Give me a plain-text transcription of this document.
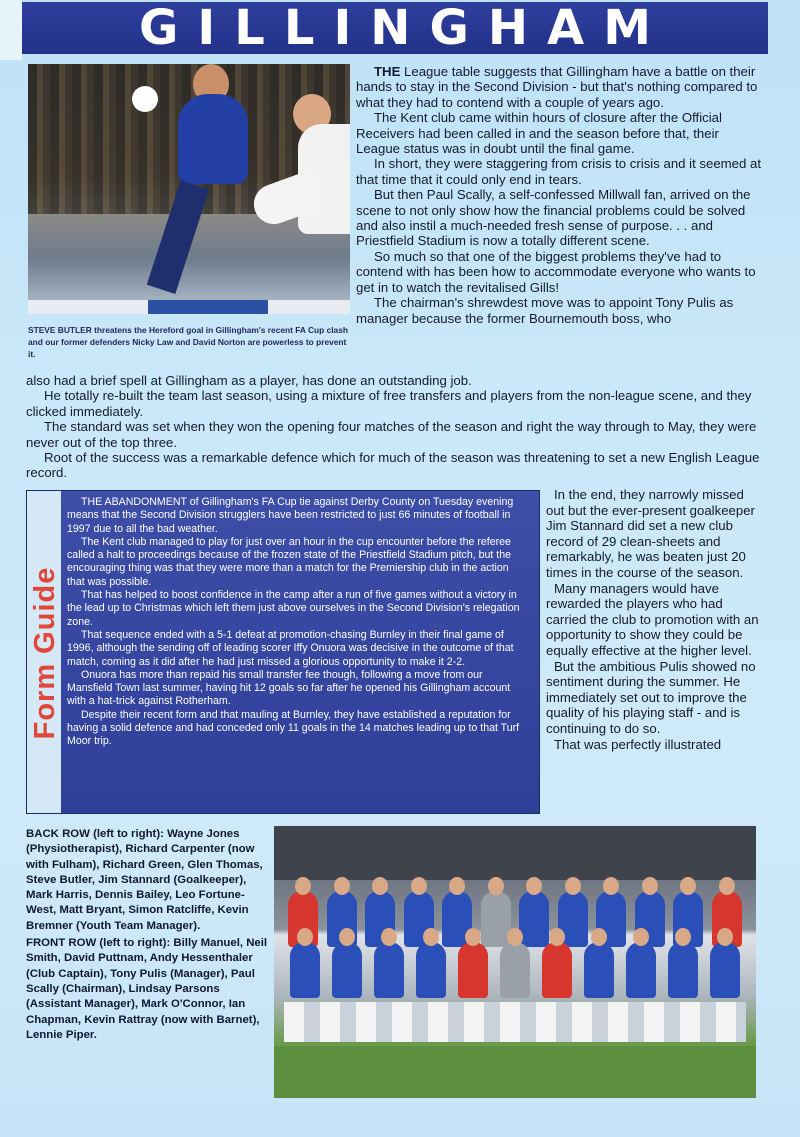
GILLINGHAM
STEVE BUTLER threatens the Hereford goal in Gillingham's recent FA Cup clash and our former defenders Nicky Law and David Norton are powerless to prevent it.

THE League table suggests that Gillingham have a battle on their hands to stay in the Second Division - but that's nothing compared to what they had to contend with a couple of years ago.

The Kent club came within hours of closure after the Official Receivers had been called in and the season before that, their League status was in doubt until the final game.

In short, they were staggering from crisis to crisis and it seemed at that time that it could only end in tears.

But then Paul Scally, a self-confessed Millwall fan, arrived on the scene to not only show how the financial problems could be solved and also instil a much-needed fresh sense of purpose. . . and Priestfield Stadium is now a totally different scene.

So much so that one of the biggest problems they've had to contend with has been how to accommodate everyone who wants to get in to watch the revitalised Gills!

The chairman's shrewdest move was to appoint Tony Pulis as manager because the former Bournemouth boss, who

also had a brief spell at Gillingham as a player, has done an outstanding job.

He totally re-built the team last season, using a mixture of free transfers and players from the non-league scene, and they clicked immediately.

The standard was set when they won the opening four matches of the season and right the way through to May, they were never out of the top three.

Root of the success was a remarkable defence which for much of the season was threatening to set a new English League record.

Form Guide

THE ABANDONMENT of Gillingham's FA Cup tie against Derby County on Tuesday evening means that the Second Division strugglers have been restricted to just 66 minutes of football in 1997 due to all the bad weather.

The Kent club managed to play for just over an hour in the cup encounter before the referee called a halt to proceedings because of the frozen state of the Priestfield Stadium pitch, but the encouraging thing was that they were more than a match for the Premiership club in the action that was possible.

That has helped to boost confidence in the camp after a run of five games without a victory in the lead up to Christmas which left them just above ourselves in the Second Division's relegation zone.

That sequence ended with a 5-1 defeat at promotion-chasing Burnley in their final game of 1996, although the sending off of leading scorer Iffy Onuora was decisive in the outcome of that match, coming as it did after he had just missed a glorious opportunity to make it 2-2.

Onuora has more than repaid his small transfer fee though, following a move from our Mansfield Town last summer, having hit 12 goals so far after he opened his Gillingham account with a hat-trick against Rotherham.

Despite their recent form and that mauling at Burnley, they have established a reputation for having a solid defence and had conceded only 11 goals in the 14 matches leading up to that Turf Moor trip.

In the end, they narrowly missed out but the ever-present goalkeeper Jim Stannard did set a new club record of 29 clean-sheets and remarkably, he was beaten just 20 times in the course of the season.

Many managers would have rewarded the players who had carried the club to promotion with an opportunity to show they could be equally effective at the higher level.

But the ambitious Pulis showed no sentiment during the summer. He immediately set out to improve the quality of his playing staff - and is continuing to do so.

That was perfectly illustrated

BACK ROW (left to right): Wayne Jones (Physiotherapist), Richard Carpenter (now with Fulham), Richard Green, Glen Thomas, Steve Butler, Jim Stannard (Goalkeeper), Mark Harris, Dennis Bailey, Leo Fortune-West, Matt Bryant, Simon Ratcliffe, Kevin Bremner (Youth Team Manager).

FRONT ROW (left to right): Billy Manuel, Neil Smith, David Puttnam, Andy Hessenthaler (Club Captain), Tony Pulis (Manager), Paul Scally (Chairman), Lindsay Parsons (Assistant Manager), Mark O'Connor, Ian Chapman, Kevin Rattray (now with Barnet), Lennie Piper.
